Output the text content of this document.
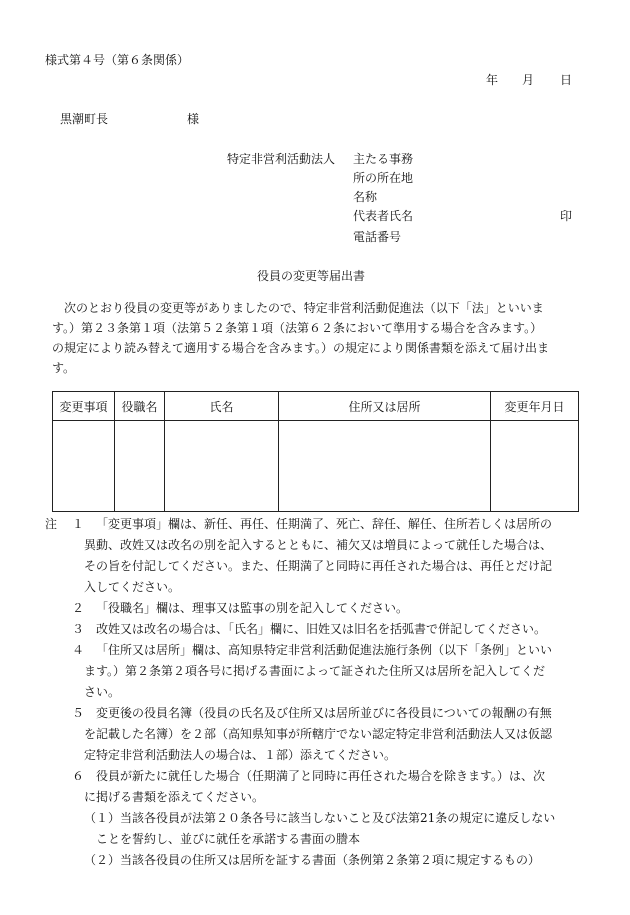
様式第４号（第６条関係）
年 月 日
黒潮町長	様
特定非営利活動法人 主たる事務
所の所在地
名称
代表者氏名	印
電話番号
役員の変更等届出書
　次のとおり役員の変更等がありましたので、特定非営利活動促進法（以下「法」といいま
す。）第２３条第１項（法第５２条第１項（法第６２条において準用する場合を含みます。）
の規定により読み替えて適用する場合を含みます。）の規定により関係書類を添えて届け出ま
す。
変更事項	役職名	氏名	住所又は居所	変更年月日

注 １ 「変更事項」欄は、新任、再任、任期満了、死亡、辞任、解任、住所若しくは居所の
異動、改姓又は改名の別を記入するとともに、補欠又は増員によって就任した場合は、
その旨を付記してください。また、任期満了と同時に再任された場合は、再任とだけ記
入してください。
２ 「役職名」欄は、理事又は監事の別を記入してください。
３ 改姓又は改名の場合は、「氏名」欄に、旧姓又は旧名を括弧書で併記してください。
４ 「住所又は居所」欄は、高知県特定非営利活動促進法施行条例（以下「条例」といい
ます。）第２条第２項各号に掲げる書面によって証された住所又は居所を記入してくだ
さい。
５ 変更後の役員名簿（役員の氏名及び住所又は居所並びに各役員についての報酬の有無
を記載した名簿）を２部（高知県知事が所轄庁でない認定特定非営利活動法人又は仮認
定特定非営利活動法人の場合は、１部）添えてください。
６ 役員が新たに就任した場合（任期満了と同時に再任された場合を除きます。）は、次
に掲げる書類を添えてください。
（１） 当該各役員が法第２０条各号に該当しないこと及び法第21条の規定に違反しない
ことを誓約し、並びに就任を承諾する書面の謄本
（２） 当該各役員の住所又は居所を証する書面（条例第２条第２項に規定するもの）
